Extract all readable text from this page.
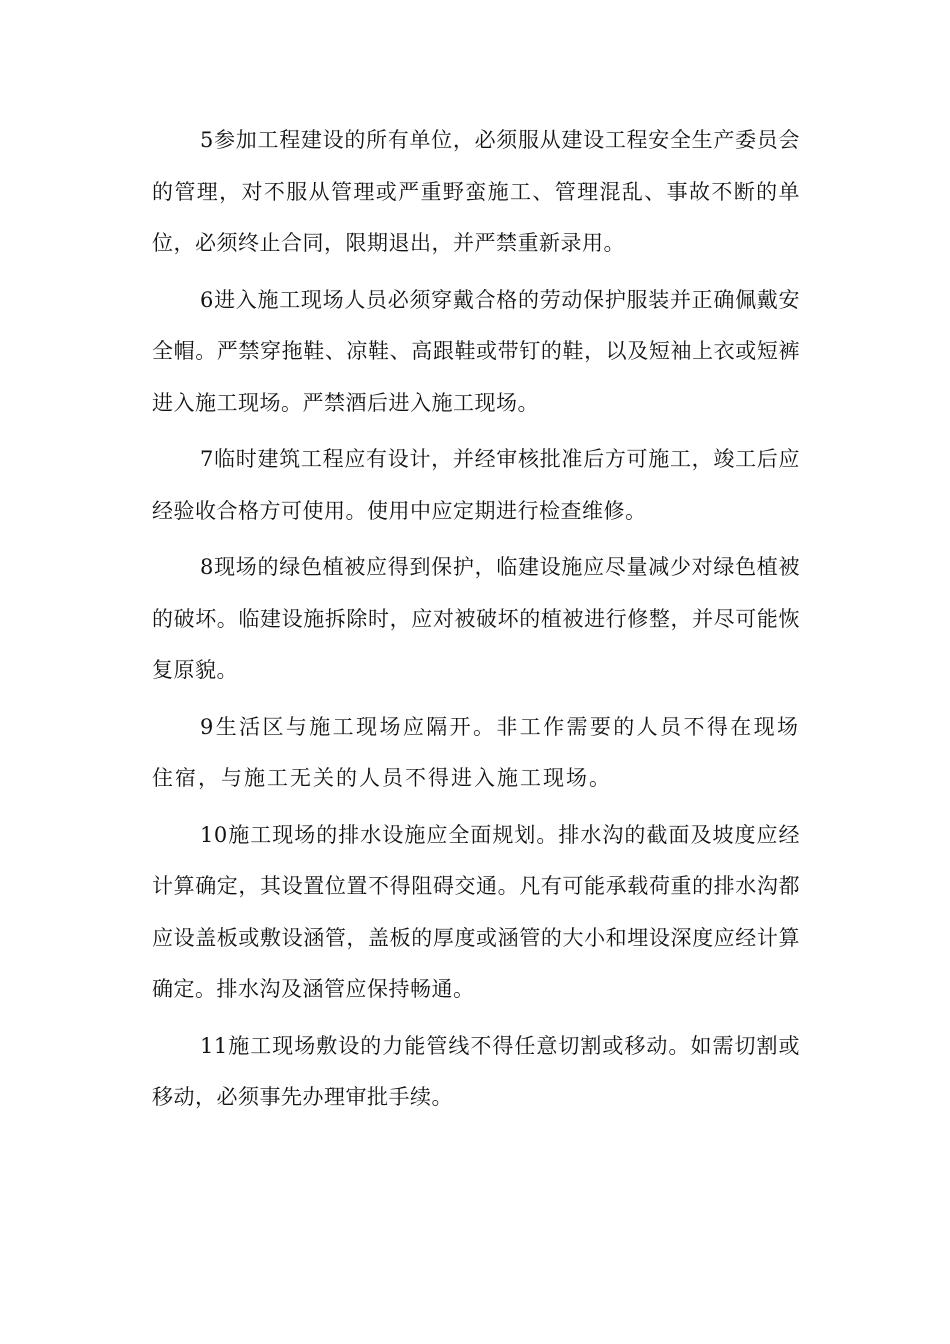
5参加工程建设的所有单位，必须服从建设工程安全生产委员会的管理，对不服从管理或严重野蛮施工、管理混乱、事故不断的单位，必须终止合同，限期退出，并严禁重新录用。

6进入施工现场人员必须穿戴合格的劳动保护服装并正确佩戴安全帽。严禁穿拖鞋、凉鞋、高跟鞋或带钉的鞋，以及短袖上衣或短裤进入施工现场。严禁酒后进入施工现场。

7临时建筑工程应有设计，并经审核批准后方可施工，竣工后应经验收合格方可使用。使用中应定期进行检查维修。

8现场的绿色植被应得到保护，临建设施应尽量减少对绿色植被的破坏。临建设施拆除时，应对被破坏的植被进行修整，并尽可能恢复原貌。

9生活区与施工现场应隔开。非工作需要的人员不得在现场住宿，与施工无关的人员不得进入施工现场。

10施工现场的排水设施应全面规划。排水沟的截面及坡度应经计算确定，其设置位置不得阻碍交通。凡有可能承载荷重的排水沟都应设盖板或敷设涵管，盖板的厚度或涵管的大小和埋设深度应经计算确定。排水沟及涵管应保持畅通。

11施工现场敷设的力能管线不得任意切割或移动。如需切割或移动，必须事先办理审批手续。
